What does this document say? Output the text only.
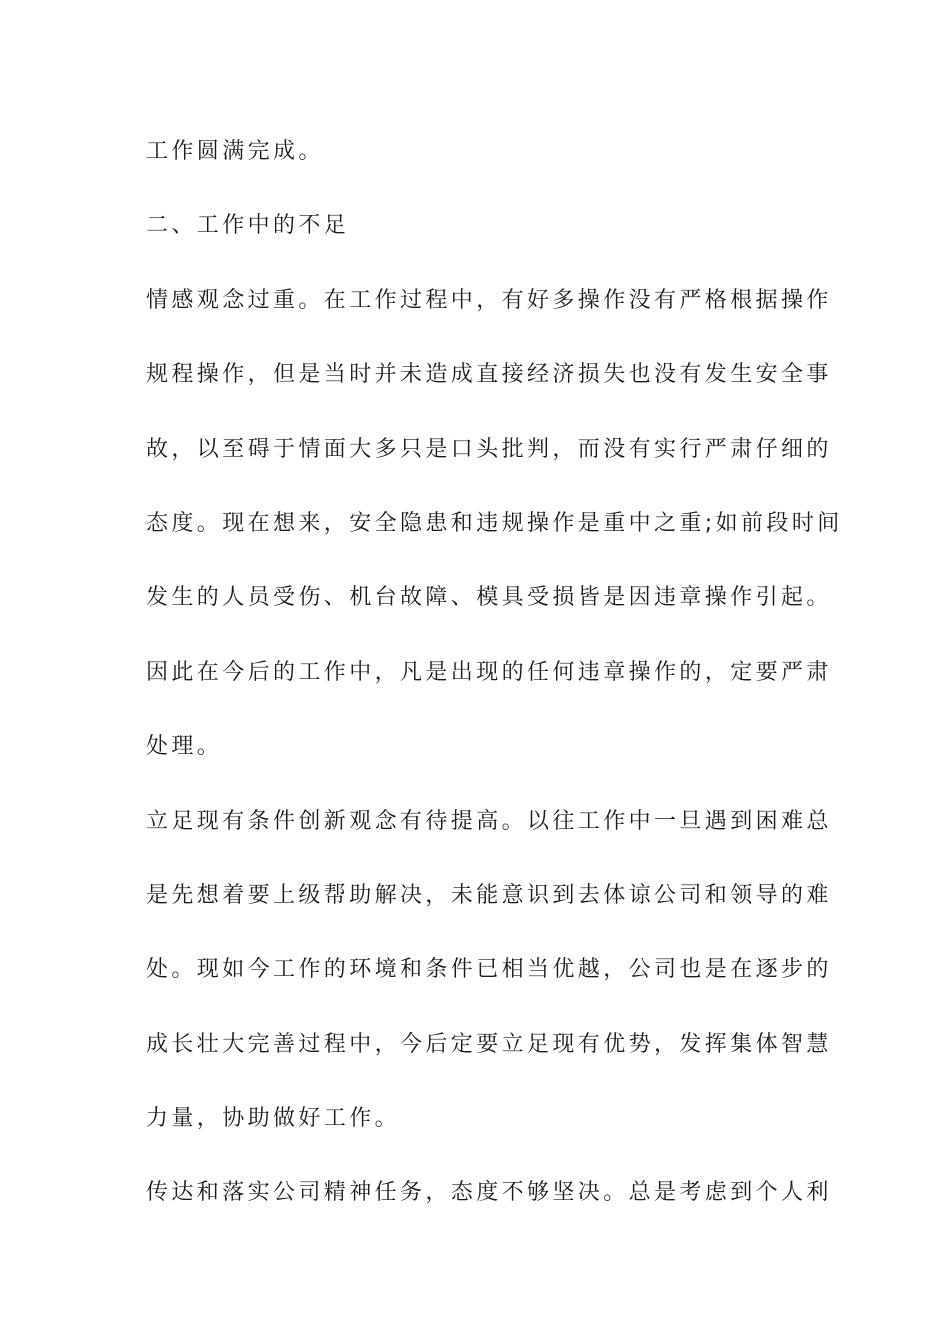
工作圆满完成。
二、工作中的不足
情感观念过重。在工作过程中，有好多操作没有严格根据操作
规程操作，但是当时并未造成直接经济损失也没有发生安全事
故，以至碍于情面大多只是口头批判，而没有实行严肃仔细的
态度。现在想来，安全隐患和违规操作是重中之重;如前段时间
发生的人员受伤、机台故障、模具受损皆是因违章操作引起。
因此在今后的工作中，凡是出现的任何违章操作的，定要严肃
处理。
立足现有条件创新观念有待提高。以往工作中一旦遇到困难总
是先想着要上级帮助解决，未能意识到去体谅公司和领导的难
处。现如今工作的环境和条件已相当优越，公司也是在逐步的
成长壮大完善过程中，今后定要立足现有优势，发挥集体智慧
力量，协助做好工作。
传达和落实公司精神任务，态度不够坚决。总是考虑到个人利
